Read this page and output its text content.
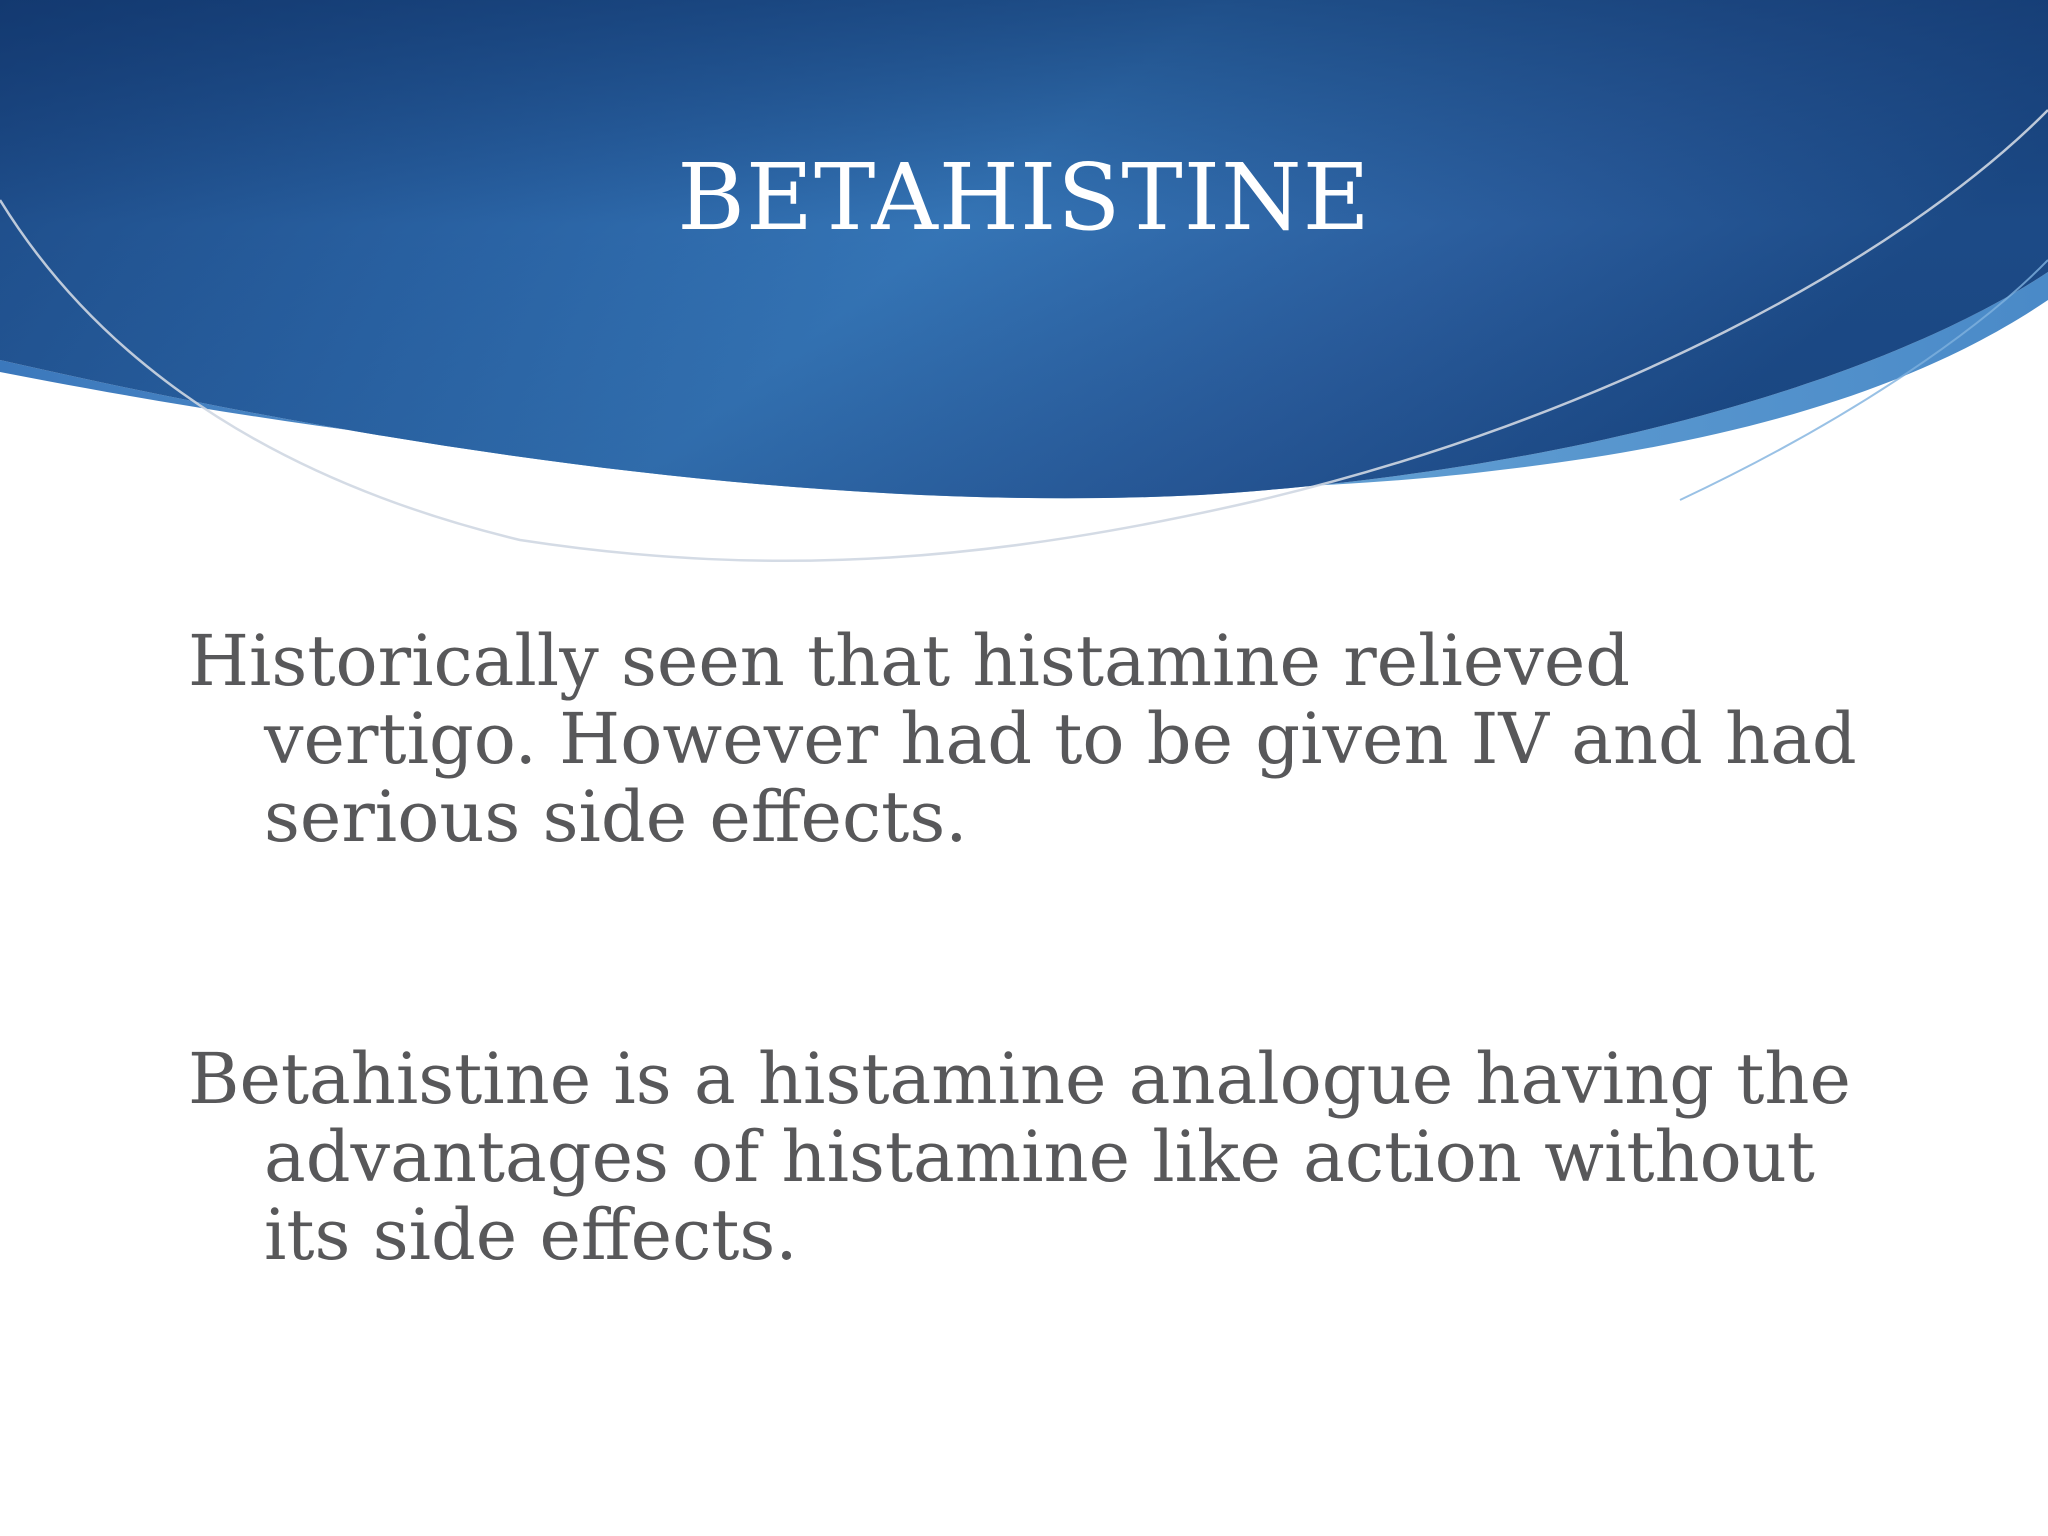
BETAHISTINE

Historically seen that histamine relieved vertigo. However had to be given IV and had serious side effects.

Betahistine is a histamine analogue having the advantages of histamine like action without its side effects.
